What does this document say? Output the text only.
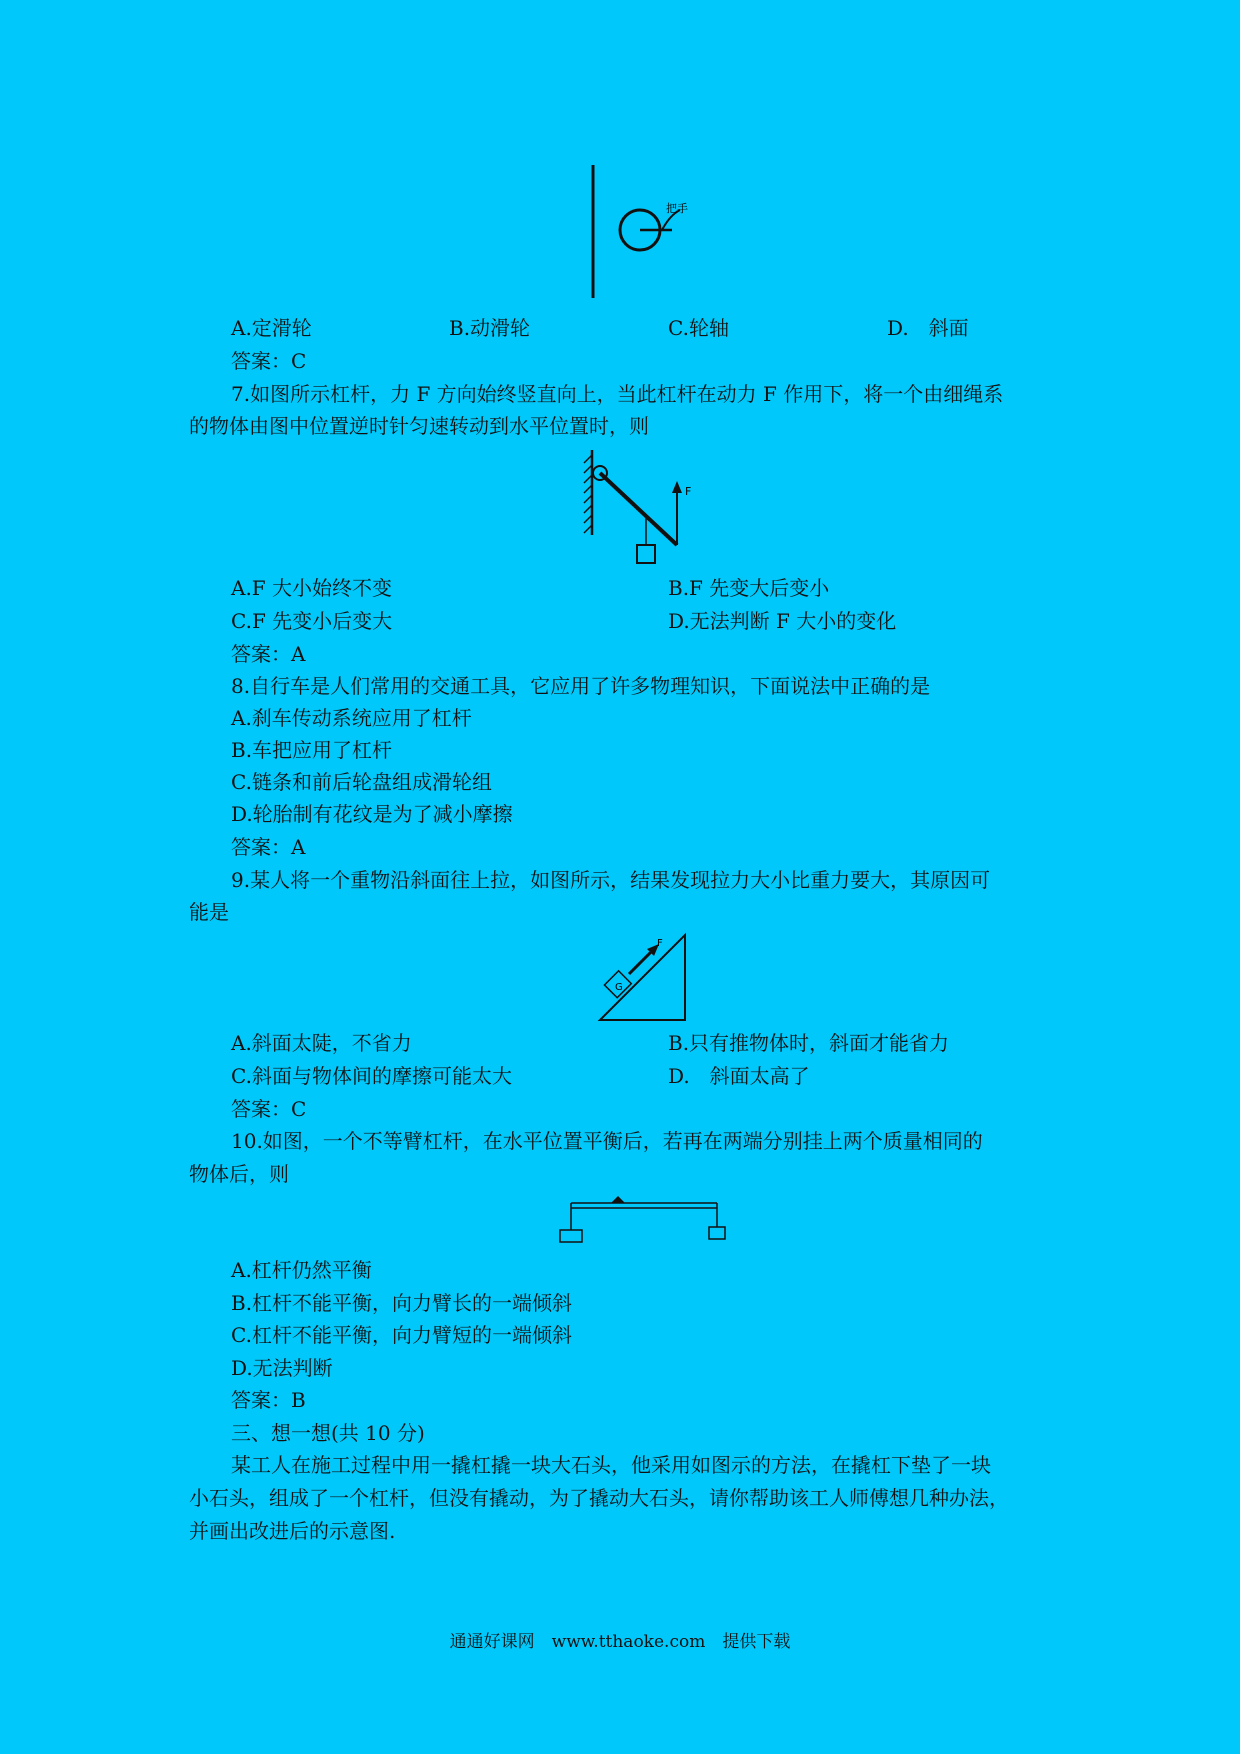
把手
A.定滑轮	B.动滑轮	C.轮轴	D.　斜面
答案：C
7.如图所示杠杆，力 F 方向始终竖直向上，当此杠杆在动力 F 作用下，将一个由细绳系
的物体由图中位置逆时针匀速转动到水平位置时，则
F
A.F 大小始终不变	B.F 先变大后变小
C.F 先变小后变大	D.无法判断 F 大小的变化
答案：A
8.自行车是人们常用的交通工具，它应用了许多物理知识，下面说法中正确的是
A.刹车传动系统应用了杠杆
B.车把应用了杠杆
C.链条和前后轮盘组成滑轮组
D.轮胎制有花纹是为了减小摩擦
答案：A
9.某人将一个重物沿斜面往上拉，如图所示，结果发现拉力大小比重力要大，其原因可
能是
G
F
A.斜面太陡，不省力	B.只有推物体时，斜面才能省力
C.斜面与物体间的摩擦可能太大	D.　斜面太高了
答案：C
10.如图，一个不等臂杠杆，在水平位置平衡后，若再在两端分别挂上两个质量相同的
物体后，则
A.杠杆仍然平衡
B.杠杆不能平衡，向力臂长的一端倾斜
C.杠杆不能平衡，向力臂短的一端倾斜
D.无法判断
答案：B
三、想一想(共 10 分)
某工人在施工过程中用一撬杠撬一块大石头，他采用如图示的方法，在撬杠下垫了一块
小石头，组成了一个杠杆，但没有撬动，为了撬动大石头，请你帮助该工人师傅想几种办法，
并画出改进后的示意图.
通通好课网　www.tthaoke.com　提供下载
